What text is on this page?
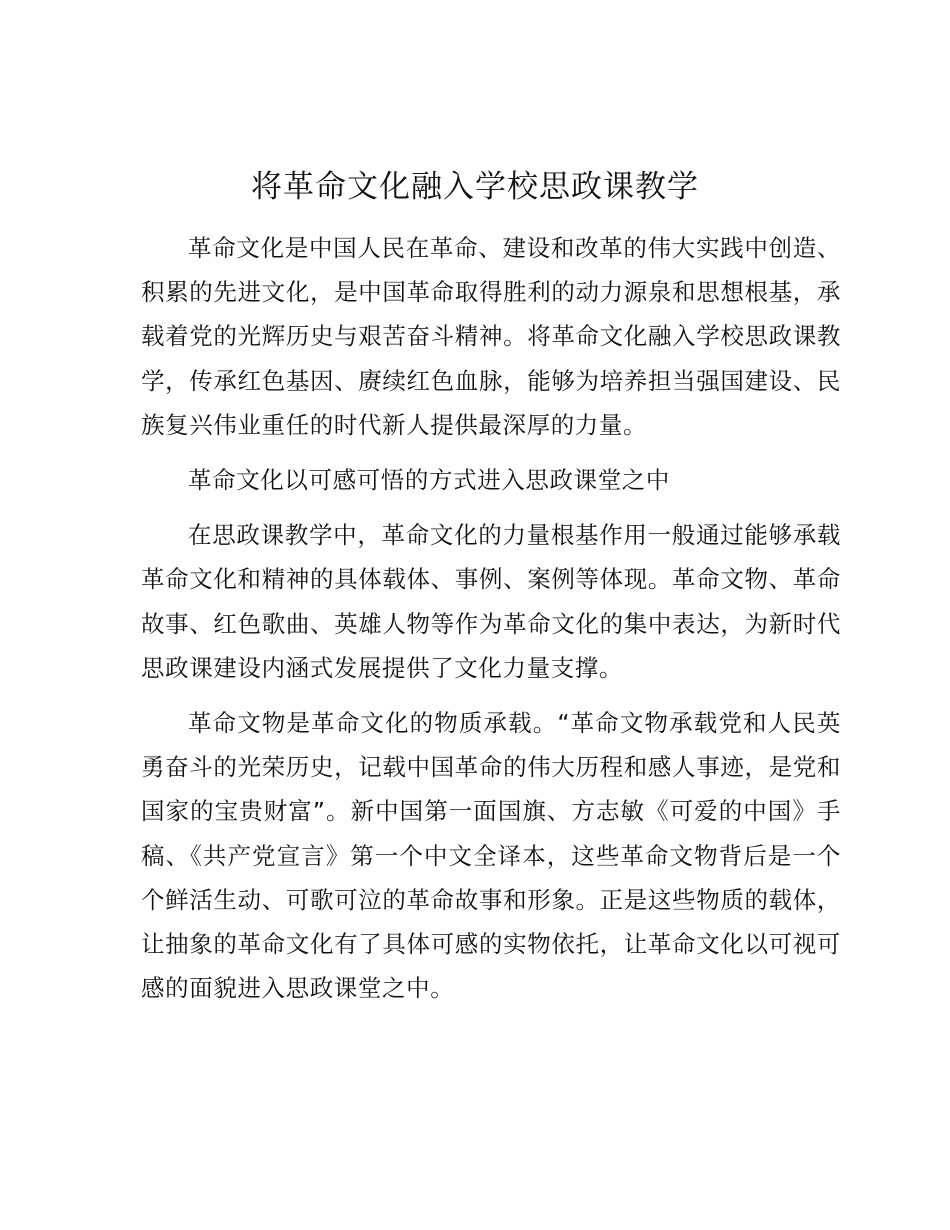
将革命文化融入学校思政课教学

革命文化是中国人民在革命、建设和改革的伟大实践中创造、积累的先进文化，是中国革命取得胜利的动力源泉和思想根基，承载着党的光辉历史与艰苦奋斗精神。将革命文化融入学校思政课教学，传承红色基因、赓续红色血脉，能够为培养担当强国建设、民族复兴伟业重任的时代新人提供最深厚的力量。

革命文化以可感可悟的方式进入思政课堂之中

在思政课教学中，革命文化的力量根基作用一般通过能够承载革命文化和精神的具体载体、事例、案例等体现。革命文物、革命故事、红色歌曲、英雄人物等作为革命文化的集中表达，为新时代思政课建设内涵式发展提供了文化力量支撑。

革命文物是革命文化的物质承载。“革命文物承载党和人民英勇奋斗的光荣历史，记载中国革命的伟大历程和感人事迹，是党和国家的宝贵财富”。新中国第一面国旗、方志敏《可爱的中国》手稿、《共产党宣言》第一个中文全译本，这些革命文物背后是一个个鲜活生动、可歌可泣的革命故事和形象。正是这些物质的载体，让抽象的革命文化有了具体可感的实物依托，让革命文化以可视可感的面貌进入思政课堂之中。
